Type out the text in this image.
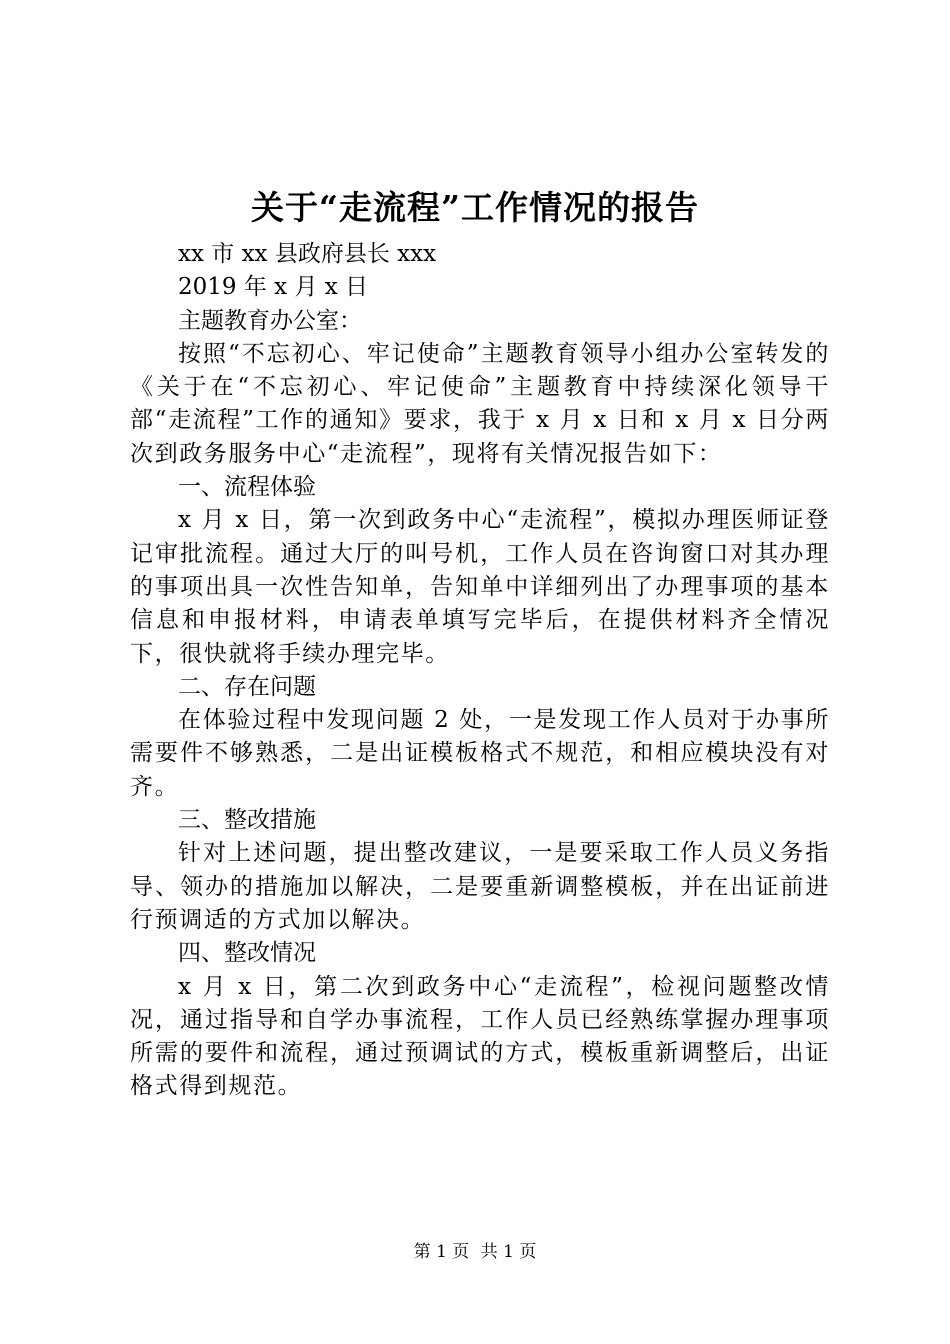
关于“走流程”工作情况的报告

xx 市 xx 县政府县长 xxx

2019 年 x 月 x 日

主题教育办公室：

按照“不忘初心、牢记使命”主题教育领导小组办公室转发的《关于在“不忘初心、牢记使命”主题教育中持续深化领导干部“走流程”工作的通知》要求，我于 x 月 x 日和 x 月 x 日分两次到政务服务中心“走流程”，现将有关情况报告如下：

一、流程体验

x 月 x 日，第一次到政务中心“走流程”，模拟办理医师证登记审批流程。通过大厅的叫号机，工作人员在咨询窗口对其办理的事项出具一次性告知单，告知单中详细列出了办理事项的基本信息和申报材料，申请表单填写完毕后，在提供材料齐全情况下，很快就将手续办理完毕。

二、存在问题

在体验过程中发现问题 2 处，一是发现工作人员对于办事所需要件不够熟悉，二是出证模板格式不规范，和相应模块没有对齐。

三、整改措施

针对上述问题，提出整改建议，一是要采取工作人员义务指导、领办的措施加以解决，二是要重新调整模板，并在出证前进行预调适的方式加以解决。

四、整改情况

x 月 x 日，第二次到政务中心“走流程”，检视问题整改情况，通过指导和自学办事流程，工作人员已经熟练掌握办理事项所需的要件和流程，通过预调试的方式，模板重新调整后，出证格式得到规范。

第 1 页 共 1 页
